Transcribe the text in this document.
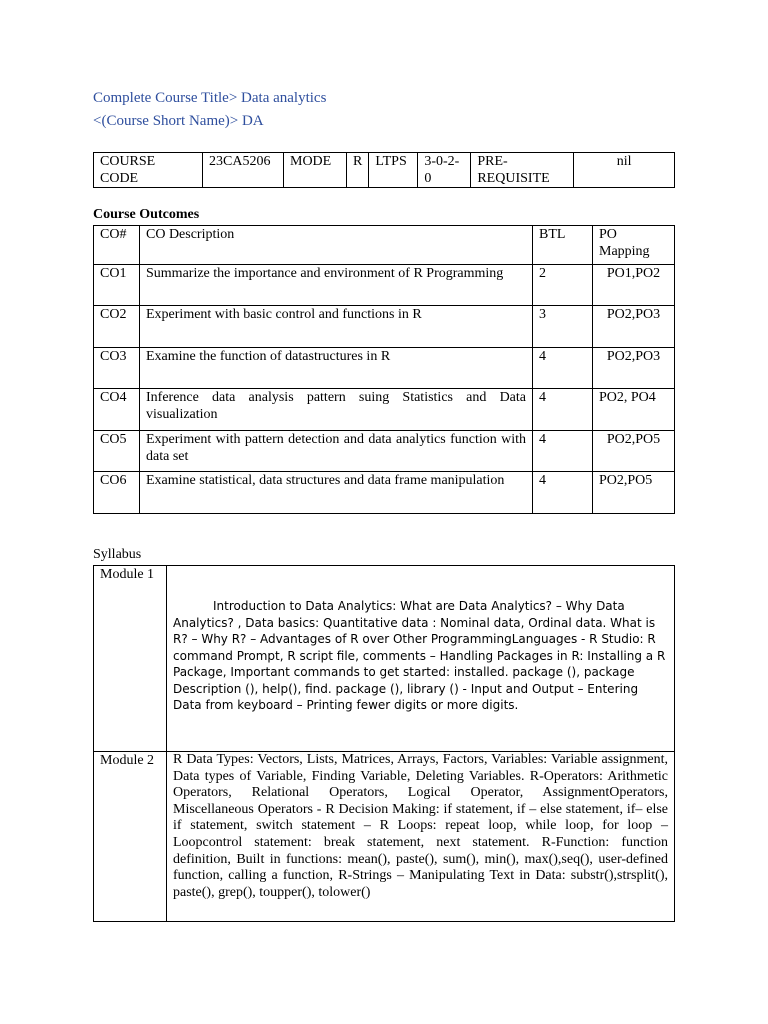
Complete Course Title> Data analytics
<(Course Short Name)> DA
COURSE CODE	23CA5206	MODE	R	LTPS	3-0-2-0	PRE-REQUISITE	nil
Course Outcomes
CO#	CO Description	BTL	PO Mapping
CO1	Summarize the importance and environment of R Programming	2	PO1,PO2
CO2	Experiment with basic control and functions in R	3	PO2,PO3
CO3	Examine the function of datastructures in R	4	PO2,PO3
CO4	Inference data analysis pattern suing Statistics and Data visualization	4	PO2, PO4
CO5	Experiment with pattern detection and data analytics function with data set	4	PO2,PO5
CO6	Examine statistical, data structures and data frame manipulation	4	PO2,PO5
Syllabus
Module 1	Introduction to Data Analytics: What are Data Analytics? – Why Data Analytics? , Data basics: Quantitative data : Nominal data, Ordinal data. What is R? – Why R? – Advantages of R over Other ProgrammingLanguages - R Studio: R command Prompt, R script file, comments – Handling Packages in R: Installing a R Package, Important commands to get started: installed. package (), package Description (), help(), find. package (), library () - Input and Output – Entering Data from keyboard – Printing fewer digits or more digits.
Module 2	R Data Types: Vectors, Lists, Matrices, Arrays, Factors, Variables: Variable assignment, Data types of Variable, Finding Variable, Deleting Variables. R-Operators: Arithmetic Operators, Relational Operators, Logical Operator, AssignmentOperators, Miscellaneous Operators - R Decision Making: if statement, if – else statement, if– else if statement, switch statement – R Loops: repeat loop, while loop, for loop – Loopcontrol statement: break statement, next statement. R-Function: function definition, Built in functions: mean(), paste(), sum(), min(), max(),seq(), user-defined function, calling a function, R-Strings – Manipulating Text in Data: substr(),strsplit(), paste(), grep(), toupper(), tolower()
